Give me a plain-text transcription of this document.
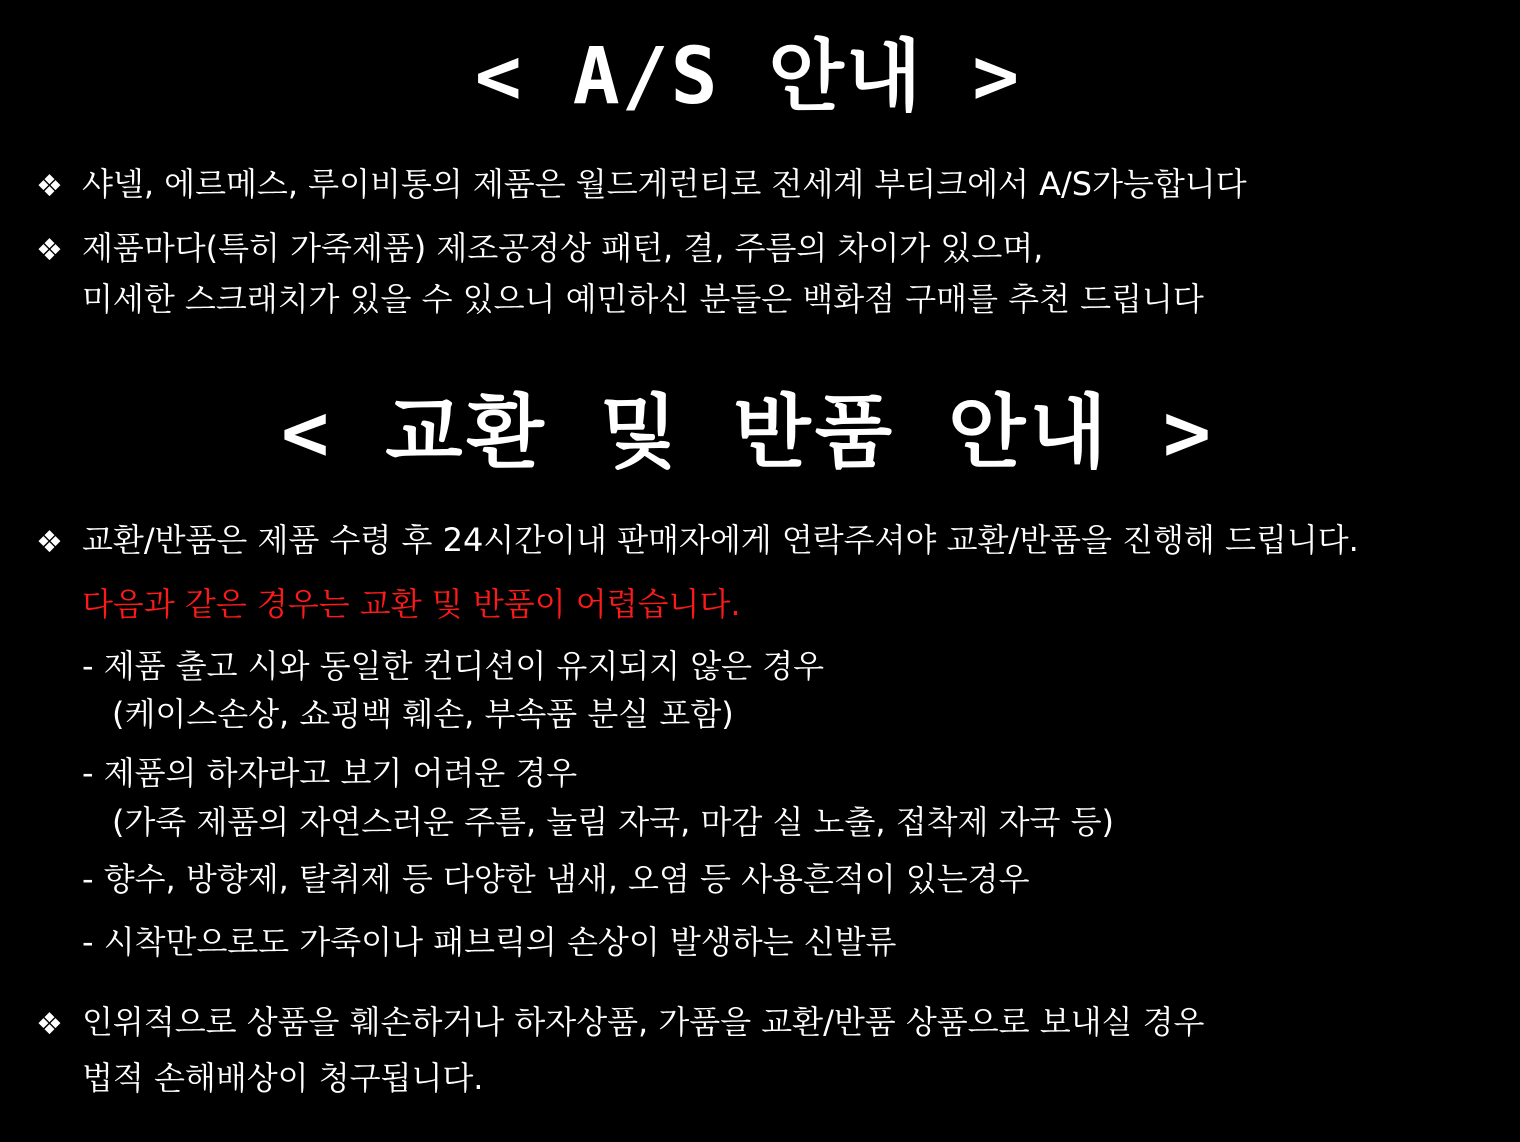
< A/S 안내 >
❖ 샤넬, 에르메스, 루이비통의 제품은 월드게런티로 전세계 부티크에서 A/S가능합니다
❖ 제품마다(특히 가죽제품) 제조공정상 패턴, 결, 주름의 차이가 있으며,
미세한 스크래치가 있을 수 있으니 예민하신 분들은 백화점 구매를 추천 드립니다
< 교환 및 반품 안내 >
❖ 교환/반품은 제품 수령 후 24시간이내 판매자에게 연락주셔야 교환/반품을 진행해 드립니다.
다음과 같은 경우는 교환 및 반품이 어렵습니다.
- 제품 출고 시와 동일한 컨디션이 유지되지 않은 경우
(케이스손상, 쇼핑백 훼손, 부속품 분실 포함)
- 제품의 하자라고 보기 어려운 경우
(가죽 제품의 자연스러운 주름, 눌림 자국, 마감 실 노출, 접착제 자국 등)
- 향수, 방향제, 탈취제 등 다양한 냄새, 오염 등 사용흔적이 있는경우
- 시착만으로도 가죽이나 패브릭의 손상이 발생하는 신발류
❖ 인위적으로 상품을 훼손하거나 하자상품, 가품을 교환/반품 상품으로 보내실 경우
법적 손해배상이 청구됩니다.
